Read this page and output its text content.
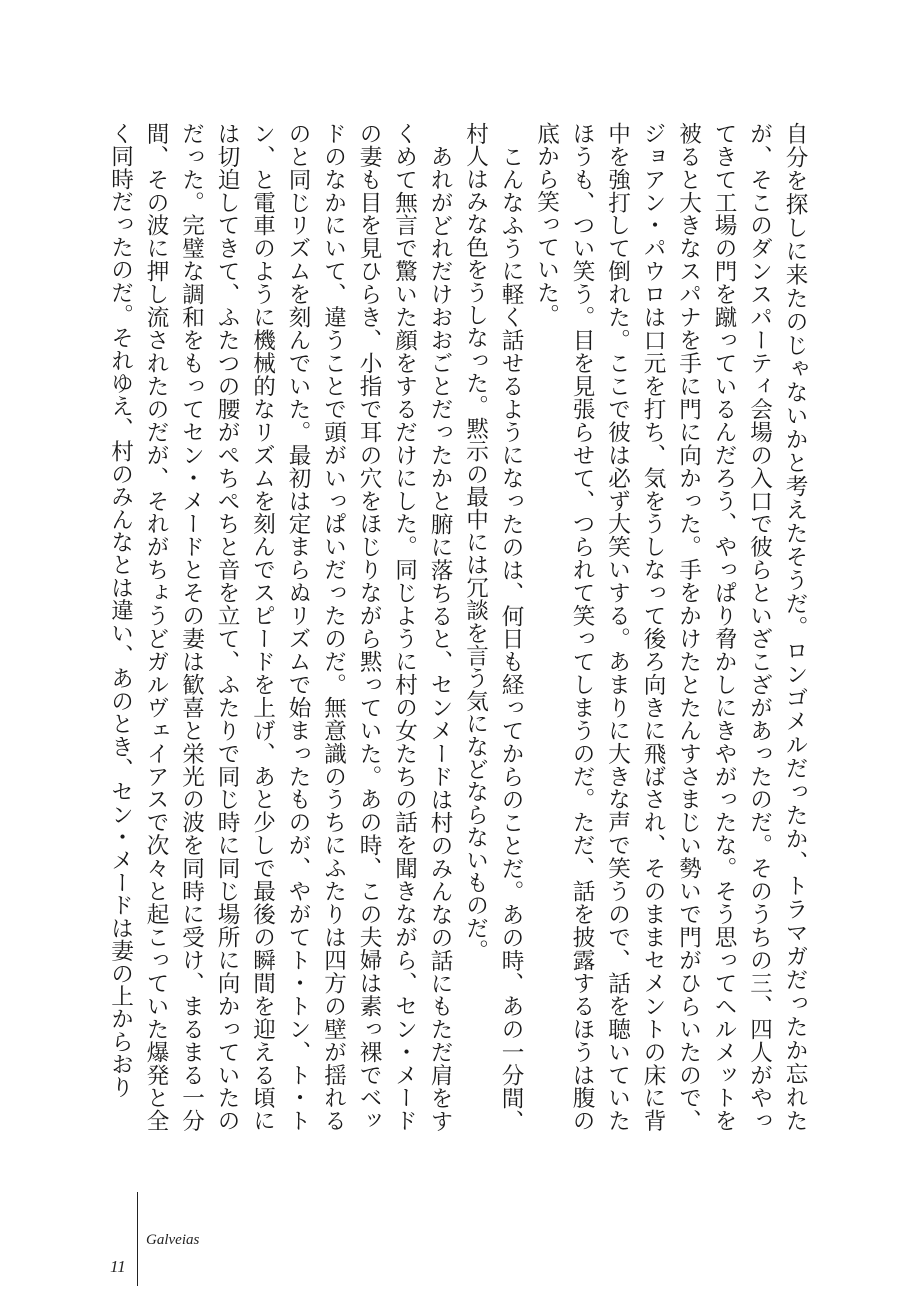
自分を探しに来たのじゃないかと考えたそうだ。ロンゴメルだったか、トラマガだったか忘れたが、そこのダンスパーティ会場の入口で彼らといざこざがあったのだ。そのうちの三、四人がやってきて工場の門を蹴っているんだろう、やっぱり脅かしにきやがったな。そう思ってヘルメットを被ると大きなスパナを手に門に向かった。手をかけたとたんすさまじい勢いで門がひらいたので、ジョアン・パウロは口元を打ち、気をうしなって後ろ向きに飛ばされ、そのままセメントの床に背中を強打して倒れた。ここで彼は必ず大笑いする。あまりに大きな声で笑うので、話を聴いていたほうも、つい笑う。目を見張らせて、つられて笑ってしまうのだ。ただ、話を披露するほうは腹の底から笑っていた。

こんなふうに軽く話せるようになったのは、何日も経ってからのことだ。あの時、あの一分間、村人はみな色をうしなった。黙示の最中には冗談を言う気になどならないものだ。

あれがどれだけおおごとだったかと腑に落ちると、センメードは村のみんなの話にもただ肩をすくめて無言で驚いた顔をするだけにした。同じように村の女たちの話を聞きながら、セン・メードの妻も目を見ひらき、小指で耳の穴をほじりながら黙っていた。あの時、この夫婦は素っ裸でベッドのなかにいて、違うことで頭がいっぱいだったのだ。無意識のうちにふたりは四方の壁が揺れるのと同じリズムを刻んでいた。最初は定まらぬリズムで始まったものが、やがてト・トン、ト・トン、と電車のように機械的なリズムを刻んでスピードを上げ、あと少しで最後の瞬間を迎える頃には切迫してきて、ふたつの腰がぺちぺちと音を立て、ふたりで同じ時に同じ場所に向かっていたのだった。完璧な調和をもってセン・メードとその妻は歓喜と栄光の波を同時に受け、まるまる一分間、その波に押し流されたのだが、それがちょうどガルヴェイアスで次々と起こっていた爆発と全く同時だったのだ。それゆえ、村のみんなとは違い、あのとき、セン・メードは妻の上からおり

11
Galveias
